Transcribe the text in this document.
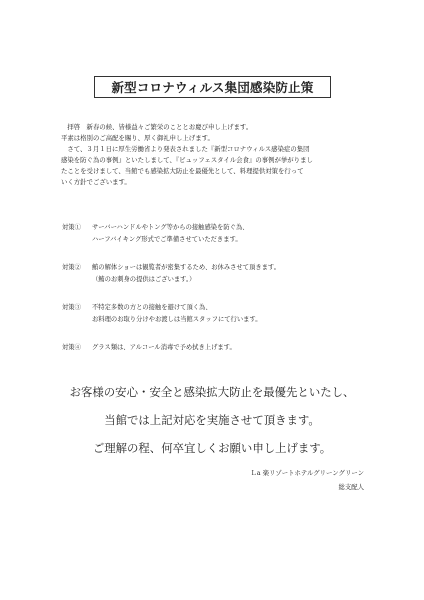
新型コロナウィルス集団感染防止策

　拝啓　新春の候、皆様益々ご繁栄のこととお慶び申し上げます。

平素は格別のご高配を賜り、厚く御礼申し上げます。

　さて、３月１日に厚生労働省より発表されました『新型コロナウィルス感染症の集団

感染を防ぐ為の事例』といたしまして、『ビュッフェスタイル会食』の事例が挙がりまし

たことを受けまして、当館でも感染拡大防止を最優先として、料理提供対策を行って

いく方針でございます。

対策①	サーバーハンドルやトング等からの接触感染を防ぐ為、

ハーフバイキング形式でご準備させていただきます。

対策②	鮪の解体ショーは観覧者が密集するため、お休みさせて頂きます。

（鮪のお刺身の提供はございます。）

対策③	不特定多数の方との接触を避けて頂く為、

お料理のお取り分けやお渡しは当館スタッフにて行います。

対策④	グラス類は、アルコール消毒で予め拭き上げます。

お客様の安心・安全と感染拡大防止を最優先といたし、

当館では上記対応を実施させて頂きます。

ご理解の程、何卒宜しくお願い申し上げます。

Ｌa 楽リゾートホテルグリーングリーン

総支配人
